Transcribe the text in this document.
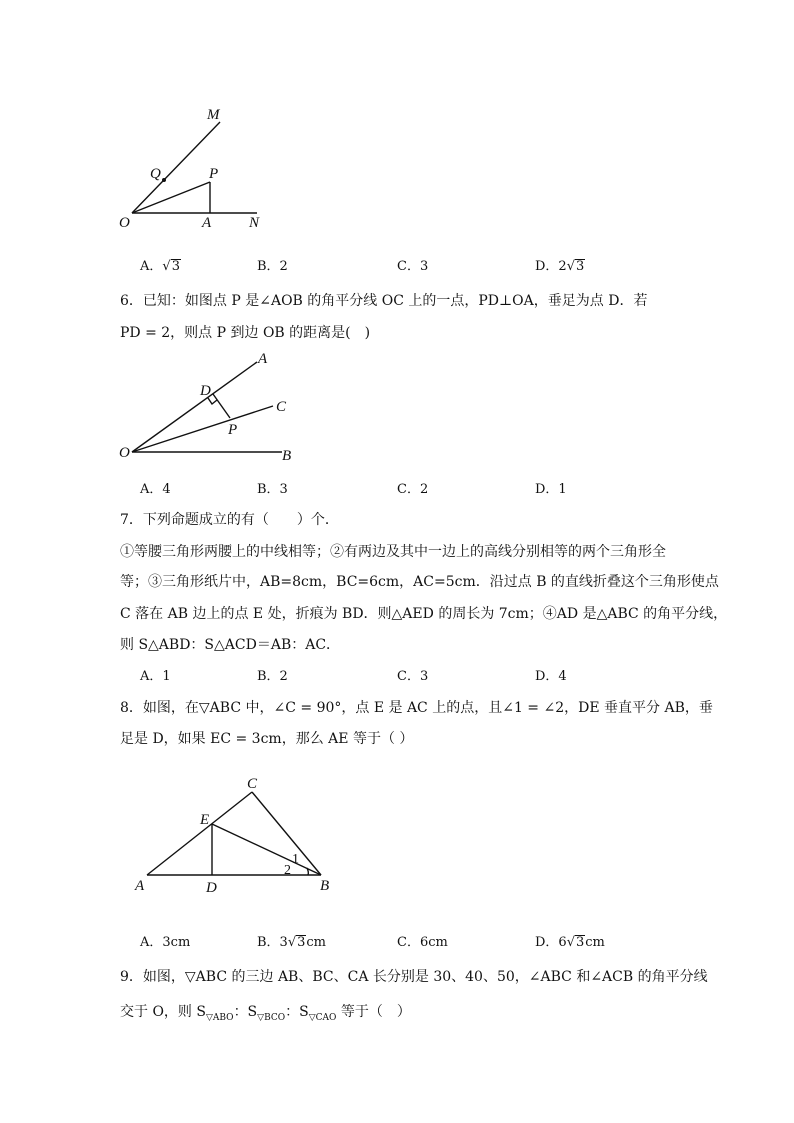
M
Q	P
O	A	N
A．√3	B．2	C．3	D．2√3
6．已知：如图点 P 是∠AOB 的角平分线 OC 上的一点，PD⊥OA，垂足为点 D．若
PD = 2，则点 P 到边 OB 的距离是(　)
A
D
C
P
O	B
A．4	B．3	C．2	D．1
7．下列命题成立的有（　　）个．
①等腰三角形两腰上的中线相等；②有两边及其中一边上的高线分别相等的两个三角形全
等；③三角形纸片中，AB=8cm，BC=6cm，AC=5cm．沿过点 B 的直线折叠这个三角形使点
C 落在 AB 边上的点 E 处，折痕为 BD．则△AED 的周长为 7cm；④AD 是△ABC 的角平分线，
则 S△ABD：S△ACD＝AB：AC．
A．1	B．2	C．3	D．4
8．如图，在▽ABC 中，∠C = 90°，点 E 是 AC 上的点，且∠1 = ∠2，DE 垂直平分 AB，垂
足是 D，如果 EC = 3cm，那么 AE 等于（ ）
C
E
A	D	B
1
2
A．3cm	B．3√3cm	C．6cm	D．6√3cm
9．如图，▽ABC 的三边 AB、BC、CA 长分别是 30、40、50，∠ABC 和∠ACB 的角平分线
交于 O，则 $S_{▽ABO}$：$S_{▽BCO}$：$S_{▽CAO}$ 等于（　）
